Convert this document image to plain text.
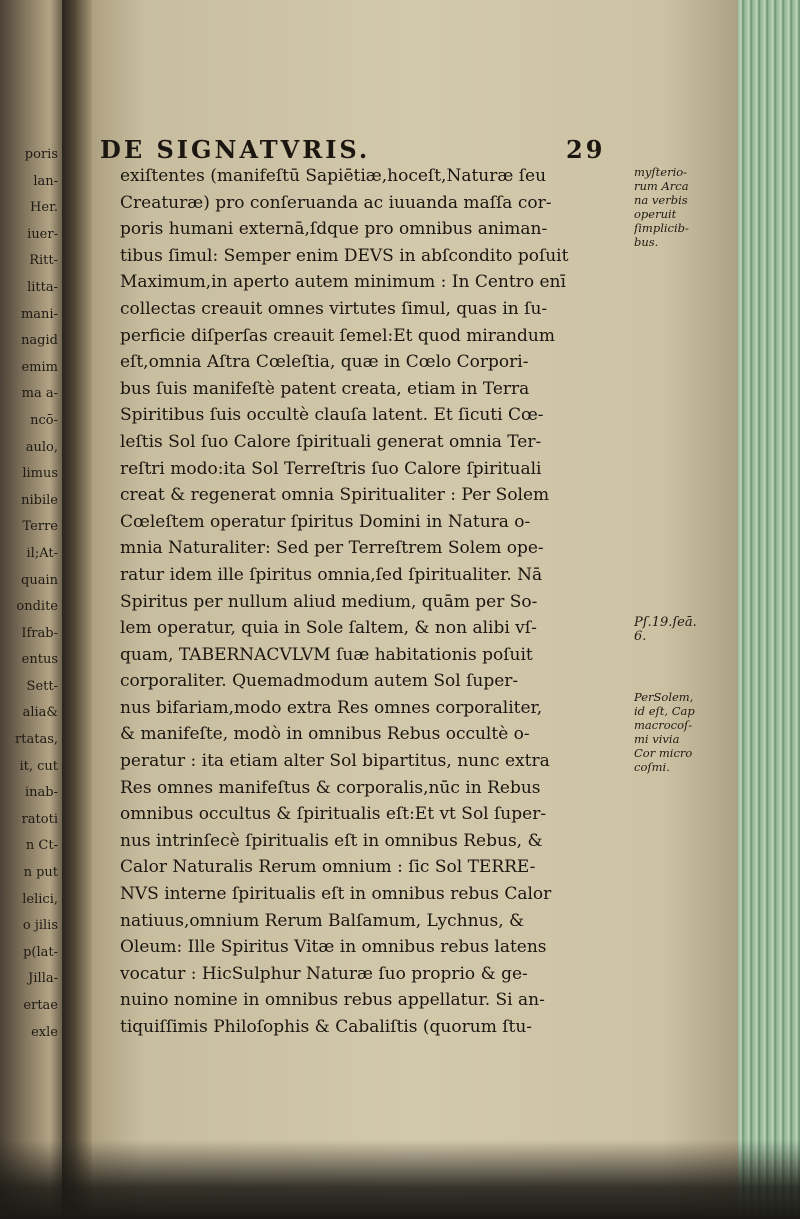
poris
lan-
Her.
iuer-
Ritt-
litta-
mani-
nagid
emim
ma a-
ncō-
aulo,
limus
nibile
Terre
il;At-
quain
ondite
Ifrab-
entus
Sett-
alia&
rtatas,
it, cut
inab-
ratoti
n Ct-
n put
lelici,
o jilis
p(lat-
Jilla-
ertae
exle
DE SIGNATVRIS.	29
exiſtentes (manifeſtū Sapiētiæ,hoceſt,Naturæ ſeu
Creaturæ) pro conſeruanda ac iuuanda maſſa cor-
poris humani externā,ſdque pro omnibus animan-
tibus ſimul: Semper enim DEVS in abſcondito poſuit
Maximum,in aperto autem minimum : In Centro enī
collectas creauit omnes virtutes ſimul, quas in ſu-
perficie diſperſas creauit ſemel:Et quod mirandum
eſt,omnia Aſtra Cœleſtia, quæ in Cœlo Corpori-
bus ſuis manifeſtè patent creata, etiam in Terra
Spiritibus ſuis occultè clauſa latent. Et ſicuti Cœ-
leſtis Sol ſuo Calore ſpirituali generat omnia Ter-
reſtri modo:ita Sol Terreſtris ſuo Calore ſpirituali
creat & regenerat omnia Spiritualiter : Per Solem
Cœleſtem operatur ſpiritus Domini in Natura o-
mnia Naturaliter: Sed per Terreſtrem Solem ope-
ratur idem ille ſpiritus omnia,ſed ſpiritualiter. Nā
Spiritus per nullum aliud medium, quām per So-
lem operatur, quia in Sole ſaltem, & non alibi vſ-
quam, TABERNACVLVM ſuæ habitationis poſuit
corporaliter. Quemadmodum autem Sol ſuper-
nus bifariam,modo extra Res omnes corporaliter,
& manifeſte, modò in omnibus Rebus occultè o-
peratur : ita etiam alter Sol bipartitus, nunc extra
Res omnes manifeſtus & corporalis,nūc in Rebus
omnibus occultus & ſpiritualis eſt:Et vt Sol ſuper-
nus intrinſecè ſpiritualis eſt in omnibus Rebus, &
Calor Naturalis Rerum omnium : ſic Sol TERRE-
NVS interne ſpiritualis eſt in omnibus rebus Calor
natiuus,omnium Rerum Balſamum, Lychnus, &
Oleum: Ille Spiritus Vitæ in omnibus rebus latens
vocatur : HicSulphur Naturæ ſuo proprio & ge-
nuino nomine in omnibus rebus appellatur. Si an-
tiquiſſimis Philoſophis & Cabaliſtis (quorum ſtu-
myſterio-
rum Arca
na verbis
operuit
ſimplicib-
bus.
Pſ.19.ſeā.
6.
PerSolem,
id eſt, Cap
macrocoſ-
mi vivia
Cor micro
coſmi.
